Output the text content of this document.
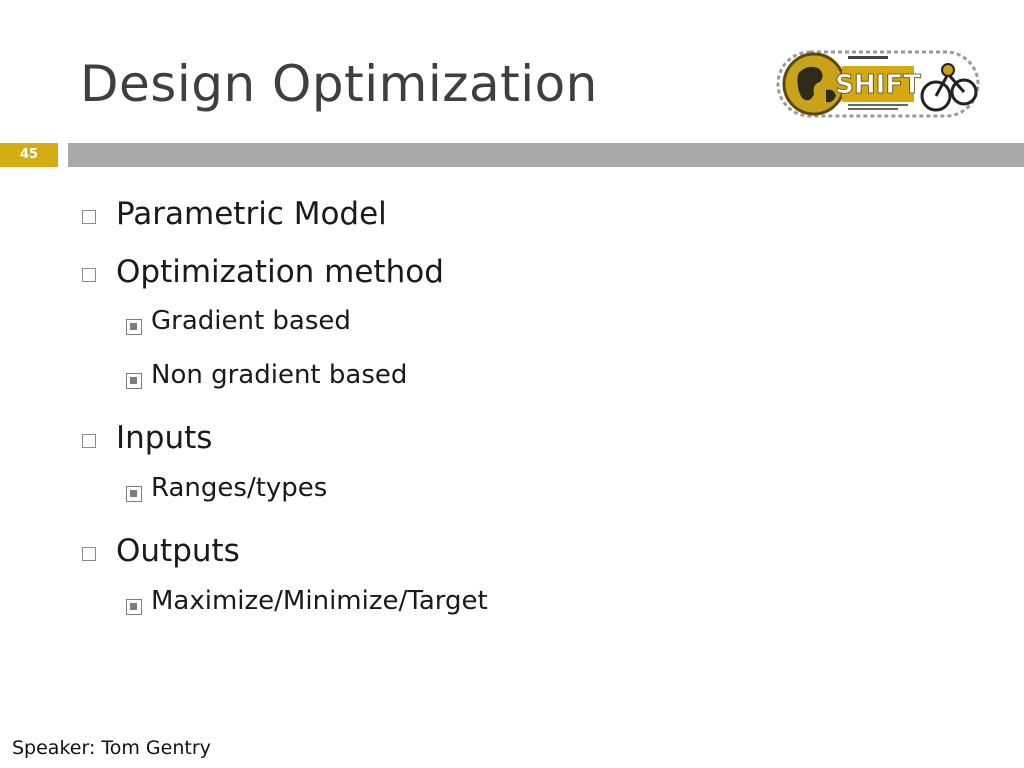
Design Optimization	SHIFT
45
Parametric Model
Optimization method
Gradient based
Non gradient based
Inputs
Ranges/types
Outputs
Maximize/Minimize/Target
Speaker: Tom Gentry
